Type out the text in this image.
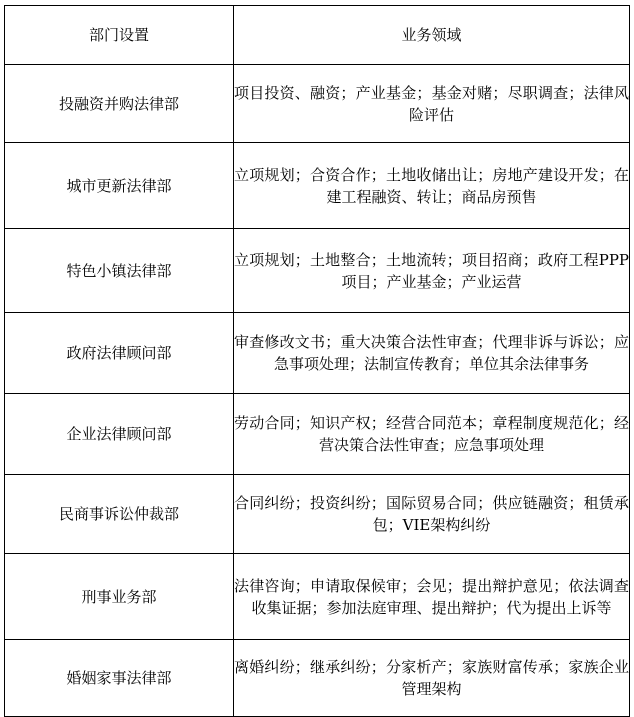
部门设置	业务领域
投融资并购法律部	项目投资、融资；产业基金；基金对赌；尽职调查；法律风险评估
城市更新法律部	立项规划；合资合作；土地收储出让；房地产建设开发；在建工程融资、转让；商品房预售
特色小镇法律部	立项规划；土地整合；土地流转；项目招商；政府工程PPP项目；产业基金；产业运营
政府法律顾问部	审查修改文书；重大决策合法性审查；代理非诉与诉讼；应急事项处理；法制宣传教育；单位其余法律事务
企业法律顾问部	劳动合同；知识产权；经营合同范本；章程制度规范化；经营决策合法性审查；应急事项处理
民商事诉讼仲裁部	合同纠纷；投资纠纷；国际贸易合同；供应链融资；租赁承包；VIE架构纠纷
刑事业务部	法律咨询；申请取保候审；会见；提出辩护意见；依法调查收集证据；参加法庭审理、提出辩护；代为提出上诉等
婚姻家事法律部	离婚纠纷；继承纠纷；分家析产；家族财富传承；家族企业管理架构
